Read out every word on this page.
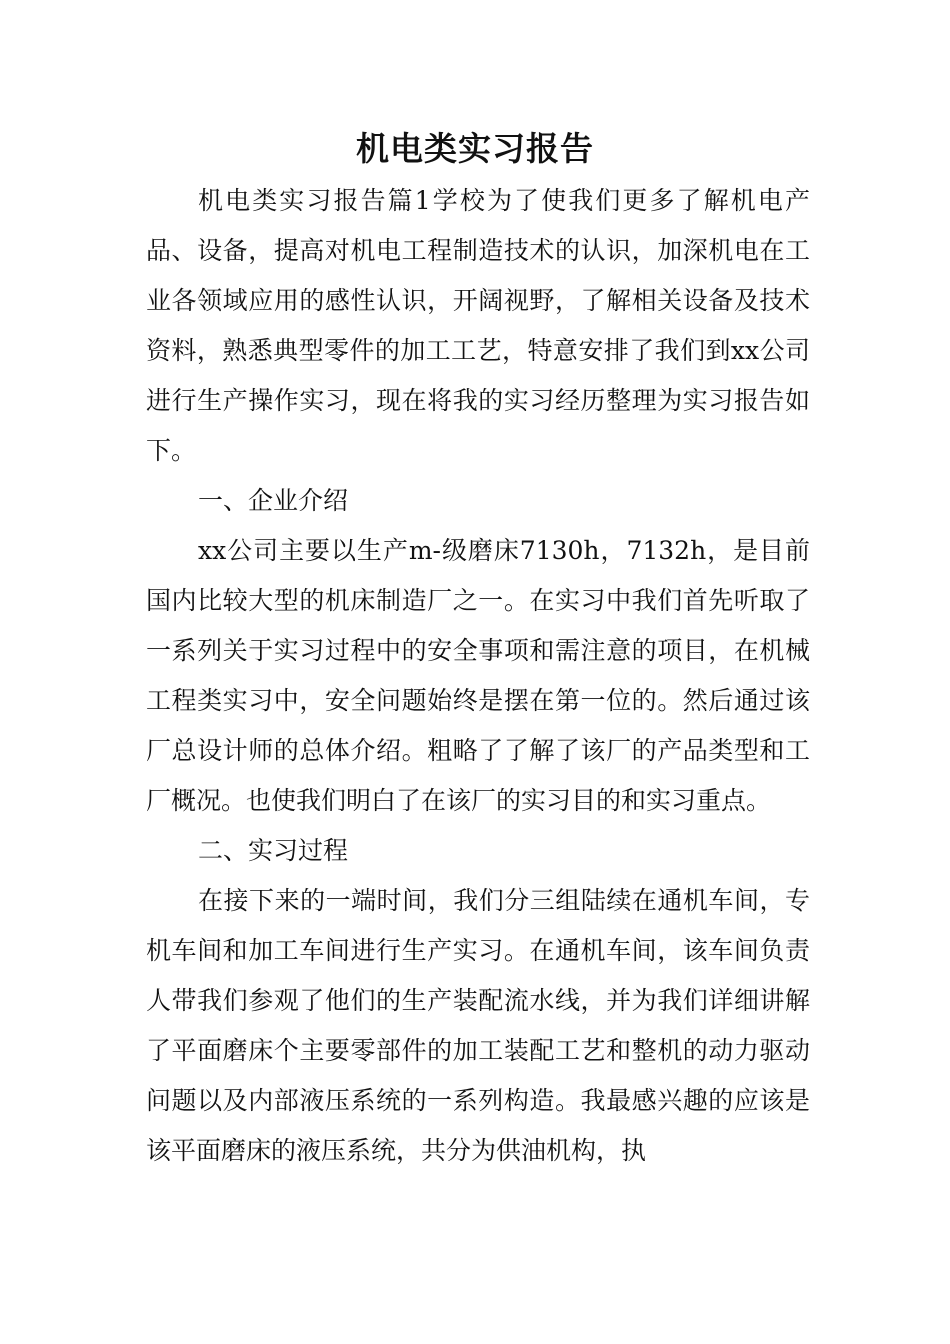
机电类实习报告

机电类实习报告篇1学校为了使我们更多了解机电产品、设备，提高对机电工程制造技术的认识，加深机电在工业各领域应用的感性认识，开阔视野，了解相关设备及技术资料，熟悉典型零件的加工工艺，特意安排了我们到xx公司进行生产操作实习，现在将我的实习经历整理为实习报告如下。

一、企业介绍

xx公司主要以生产m-级磨床7130h，7132h，是目前国内比较大型的机床制造厂之一。在实习中我们首先听取了一系列关于实习过程中的安全事项和需注意的项目，在机械工程类实习中，安全问题始终是摆在第一位的。然后通过该厂总设计师的总体介绍。粗略了了解了该厂的产品类型和工厂概况。也使我们明白了在该厂的实习目的和实习重点。

二、实习过程

在接下来的一端时间，我们分三组陆续在通机车间，专机车间和加工车间进行生产实习。在通机车间，该车间负责人带我们参观了他们的生产装配流水线，并为我们详细讲解了平面磨床个主要零部件的加工装配工艺和整机的动力驱动问题以及内部液压系统的一系列构造。我最感兴趣的应该是该平面磨床的液压系统，共分为供油机构，执
